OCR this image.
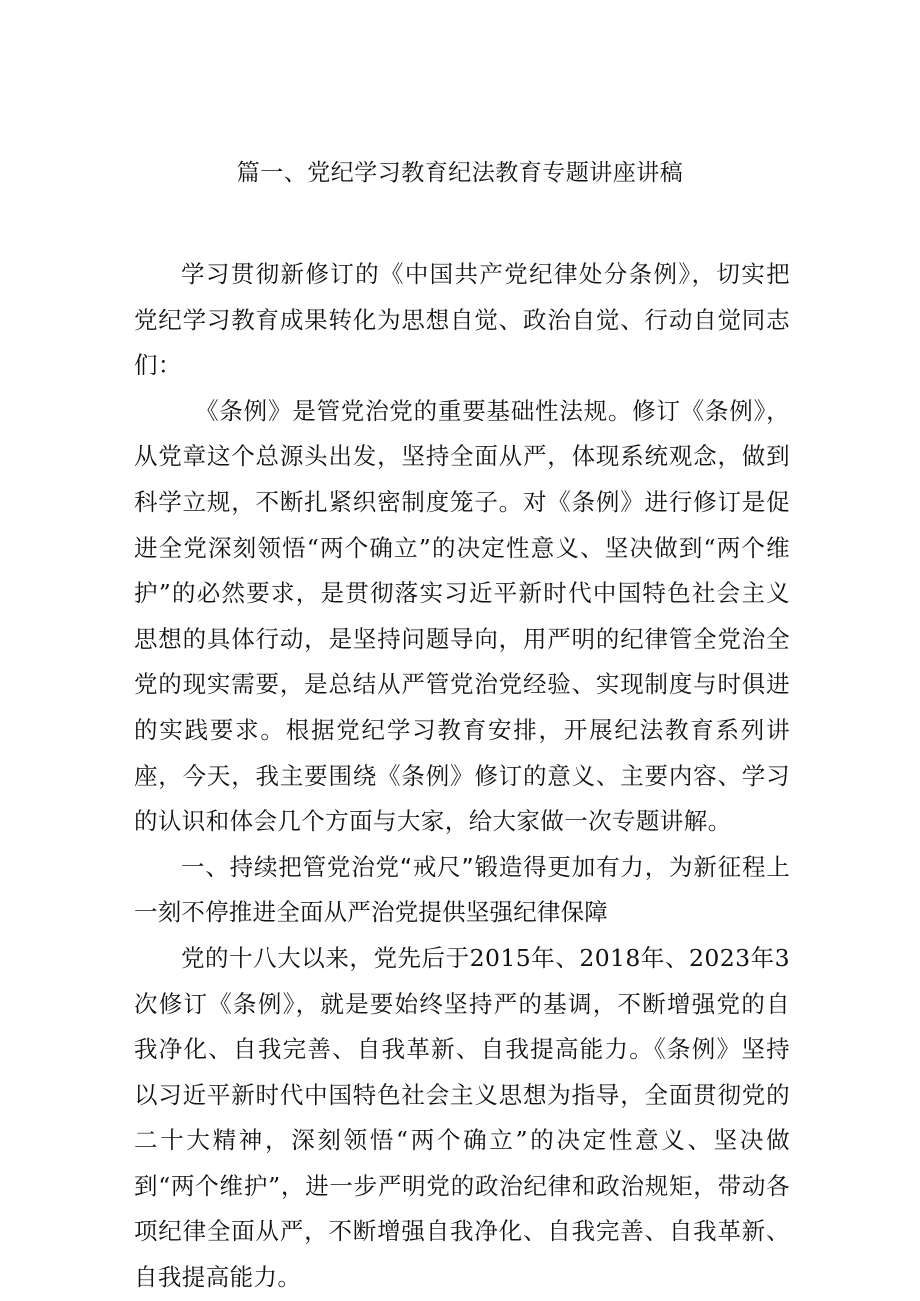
篇一、党纪学习教育纪法教育专题讲座讲稿

学习贯彻新修订的《中国共产党纪律处分条例》，切实把党纪学习教育成果转化为思想自觉、政治自觉、行动自觉同志们：

《条例》是管党治党的重要基础性法规。修订《条例》，从党章这个总源头出发，坚持全面从严，体现系统观念，做到科学立规，不断扎紧织密制度笼子。对《条例》进行修订是促进全党深刻领悟“两个确立”的决定性意义、坚决做到“两个维护”的必然要求，是贯彻落实习近平新时代中国特色社会主义思想的具体行动，是坚持问题导向，用严明的纪律管全党治全党的现实需要，是总结从严管党治党经验、实现制度与时俱进的实践要求。根据党纪学习教育安排，开展纪法教育系列讲座，今天，我主要围绕《条例》修订的意义、主要内容、学习的认识和体会几个方面与大家，给大家做一次专题讲解。

一、持续把管党治党“戒尺”锻造得更加有力，为新征程上一刻不停推进全面从严治党提供坚强纪律保障

党的十八大以来，党先后于2015年、2018年、2023年3次修订《条例》，就是要始终坚持严的基调，不断增强党的自我净化、自我完善、自我革新、自我提高能力。《条例》坚持以习近平新时代中国特色社会主义思想为指导，全面贯彻党的二十大精神，深刻领悟“两个确立”的决定性意义、坚决做到“两个维护”，进一步严明党的政治纪律和政治规矩，带动各项纪律全面从严，不断增强自我净化、自我完善、自我革新、自我提高能力。
